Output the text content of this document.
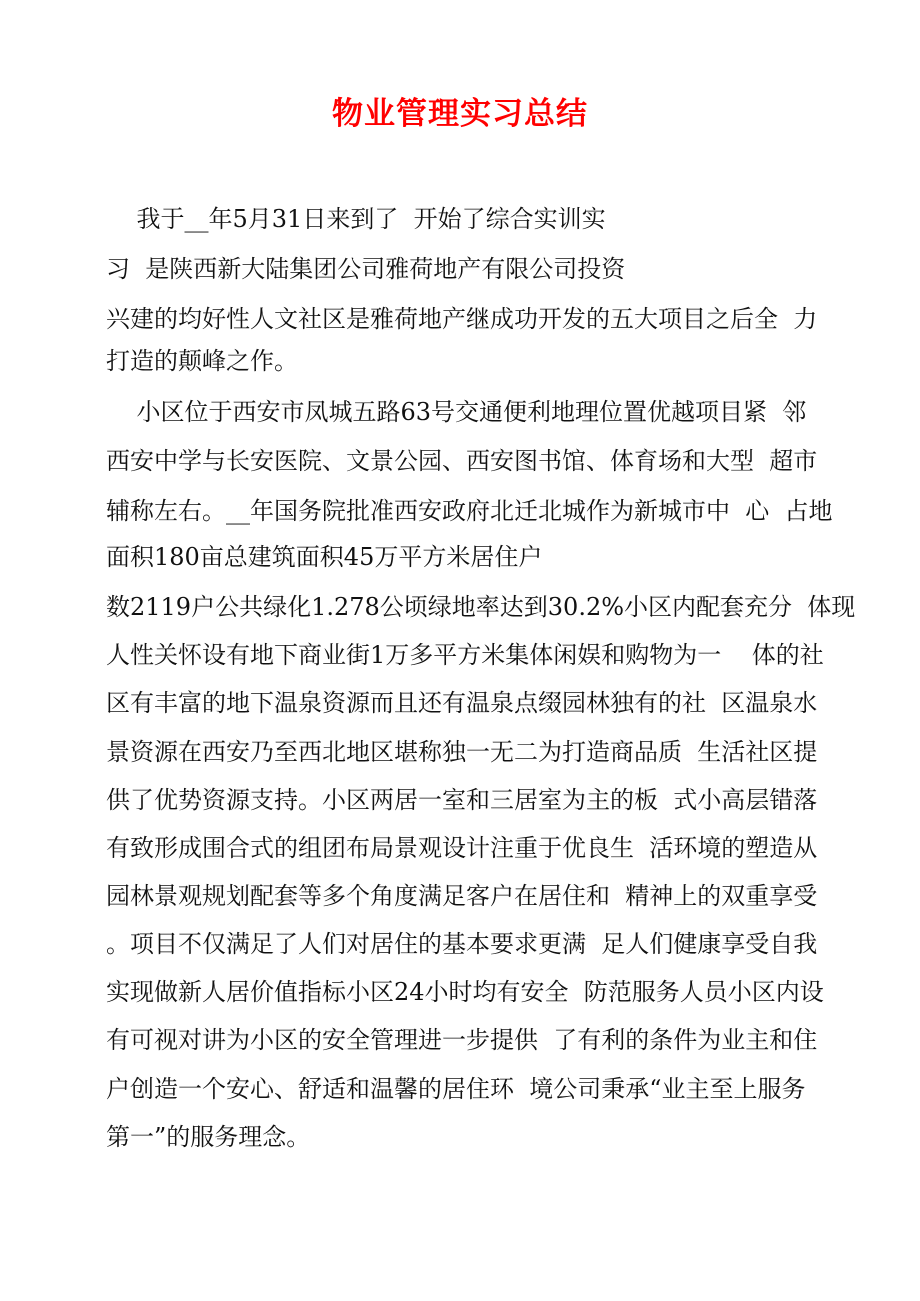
物业管理实习总结
我于__年5月31日来到了  开始了综合实训实
习  是陕西新大陆集团公司雅荷地产有限公司投资
兴建的均好性人文社区是雅荷地产继成功开发的五大项目之后全  力
打造的颠峰之作。
小区位于西安市凤城五路63号交通便利地理位置优越项目紧  邻
西安中学与长安医院、文景公园、西安图书馆、体育场和大型  超市
辅称左右。__年国务院批准西安政府北迁北城作为新城市中  心  占地
面积180亩总建筑面积45万平方米居住户
数2119户公共绿化1.278公顷绿地率达到30.2%小区内配套充分  体现
人性关怀设有地下商业街1万多平方米集体闲娱和购物为一    体的社
区有丰富的地下温泉资源而且还有温泉点缀园林独有的社  区温泉水
景资源在西安乃至西北地区堪称独一无二为打造商品质  生活社区提
供了优势资源支持。小区两居一室和三居室为主的板  式小高层错落
有致形成围合式的组团布局景观设计注重于优良生  活环境的塑造从
园林景观规划配套等多个角度满足客户在居住和  精神上的双重享受
。项目不仅满足了人们对居住的基本要求更满  足人们健康享受自我
实现做新人居价值指标小区24小时均有安全  防范服务人员小区内设
有可视对讲为小区的安全管理进一步提供  了有利的条件为业主和住
户创造一个安心、舒适和温馨的居住环  境公司秉承“业主至上服务
第一”的服务理念。
